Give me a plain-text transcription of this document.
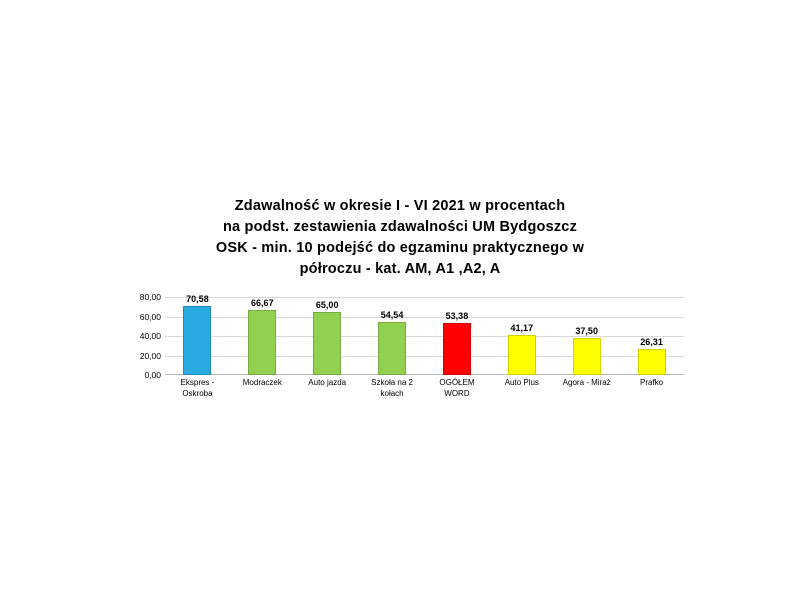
Zdawalność w okresie I - VI 2021 w procentach
na podst. zestawienia zdawalności UM Bydgoszcz
OSK - min. 10 podejść do egzaminu praktycznego w
półroczu - kat. AM, A1 ,A2, A
0,00
20,00
40,00
60,00
80,00	70,58	66,67	65,00
54,54	53,38
41,17	37,50
26,31
Ekspres -
Oskroba
Modraczek	Auto jazda	Szkoła na 2
kołach
OGÓŁEM
WORD
Auto Plus	Agora - Miraż	Prafko
